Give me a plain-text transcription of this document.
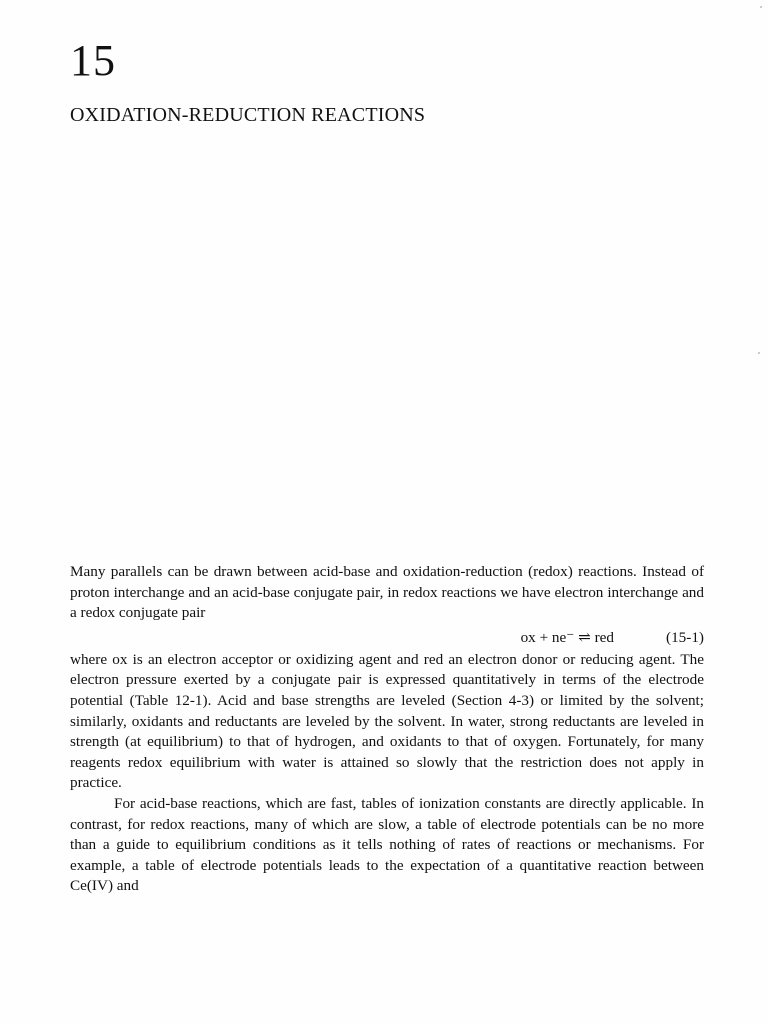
15
OXIDATION-REDUCTION REACTIONS

Many parallels can be drawn between acid-base and oxidation-reduction (redox) reactions. Instead of proton interchange and an acid-base conjugate pair, in redox reactions we have electron interchange and a redox conjugate pair

ox + ne⁻ ⇌ red	(15-1)

where ox is an electron acceptor or oxidizing agent and red an electron donor or reducing agent. The electron pressure exerted by a conjugate pair is expressed quantitatively in terms of the electrode potential (Table 12-1). Acid and base strengths are leveled (Section 4-3) or limited by the solvent; similarly, oxidants and reductants are leveled by the solvent. In water, strong reductants are leveled in strength (at equilibrium) to that of hydrogen, and oxidants to that of oxygen. Fortunately, for many reagents redox equilibrium with water is attained so slowly that the restriction does not apply in practice.

For acid-base reactions, which are fast, tables of ionization constants are directly applicable. In contrast, for redox reactions, many of which are slow, a table of electrode potentials can be no more than a guide to equilibrium conditions as it tells nothing of rates of reactions or mechanisms. For example, a table of electrode potentials leads to the expectation of a quantitative reaction between Ce(IV) and
